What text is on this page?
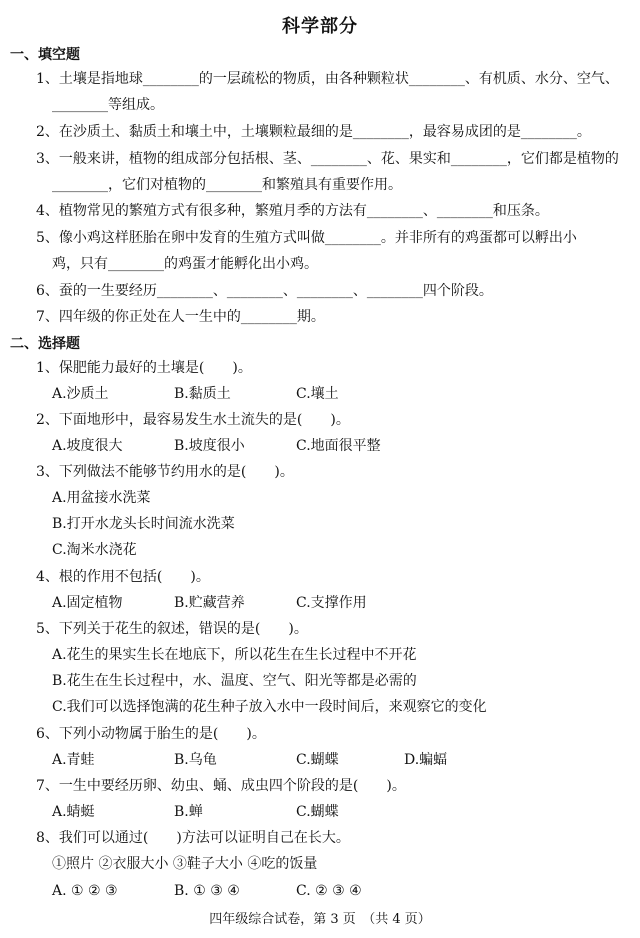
科学部分
一、填空题
1、土壤是指地球________的一层疏松的物质，由各种颗粒状________、有机质、水分、空气、
________等组成。
2、在沙质土、黏质土和壤土中，土壤颗粒最细的是________，最容易成团的是________。
3、一般来讲，植物的组成部分包括根、茎、________、花、果实和________，它们都是植物的
________，它们对植物的________和繁殖具有重要作用。
4、植物常见的繁殖方式有很多种，繁殖月季的方法有________、________和压条。
5、像小鸡这样胚胎在卵中发育的生殖方式叫做________。并非所有的鸡蛋都可以孵出小
鸡，只有________的鸡蛋才能孵化出小鸡。
6、蚕的一生要经历________、________、________、________四个阶段。
7、四年级的你正处在人一生中的________期。
二、选择题
1、保肥能力最好的土壤是(　　)。
A.沙质土	B.黏质土	C.壤土
2、下面地形中，最容易发生水土流失的是(　　)。
A.坡度很大	B.坡度很小	C.地面很平整
3、下列做法不能够节约用水的是(　　)。
A.用盆接水洗菜
B.打开水龙头长时间流水洗菜
C.淘米水浇花
4、根的作用不包括(　　)。
A.固定植物	B.贮藏营养	C.支撑作用
5、下列关于花生的叙述，错误的是(　　)。
A.花生的果实生长在地底下，所以花生在生长过程中不开花
B.花生在生长过程中，水、温度、空气、阳光等都是必需的
C.我们可以选择饱满的花生种子放入水中一段时间后，来观察它的变化
6、下列小动物属于胎生的是(　　)。
A.青蛙	B.乌龟	C.蝴蝶	D.蝙蝠
7、一生中要经历卵、幼虫、蛹、成虫四个阶段的是(　　)。
A.蜻蜓	B.蝉	C.蝴蝶
8、我们可以通过(　　)方法可以证明自己在长大。
①照片 ②衣服大小 ③鞋子大小 ④吃的饭量
A. ① ② ③	B. ① ③ ④	C. ② ③ ④
四年级综合试卷，第 3 页　（共 4 页）
